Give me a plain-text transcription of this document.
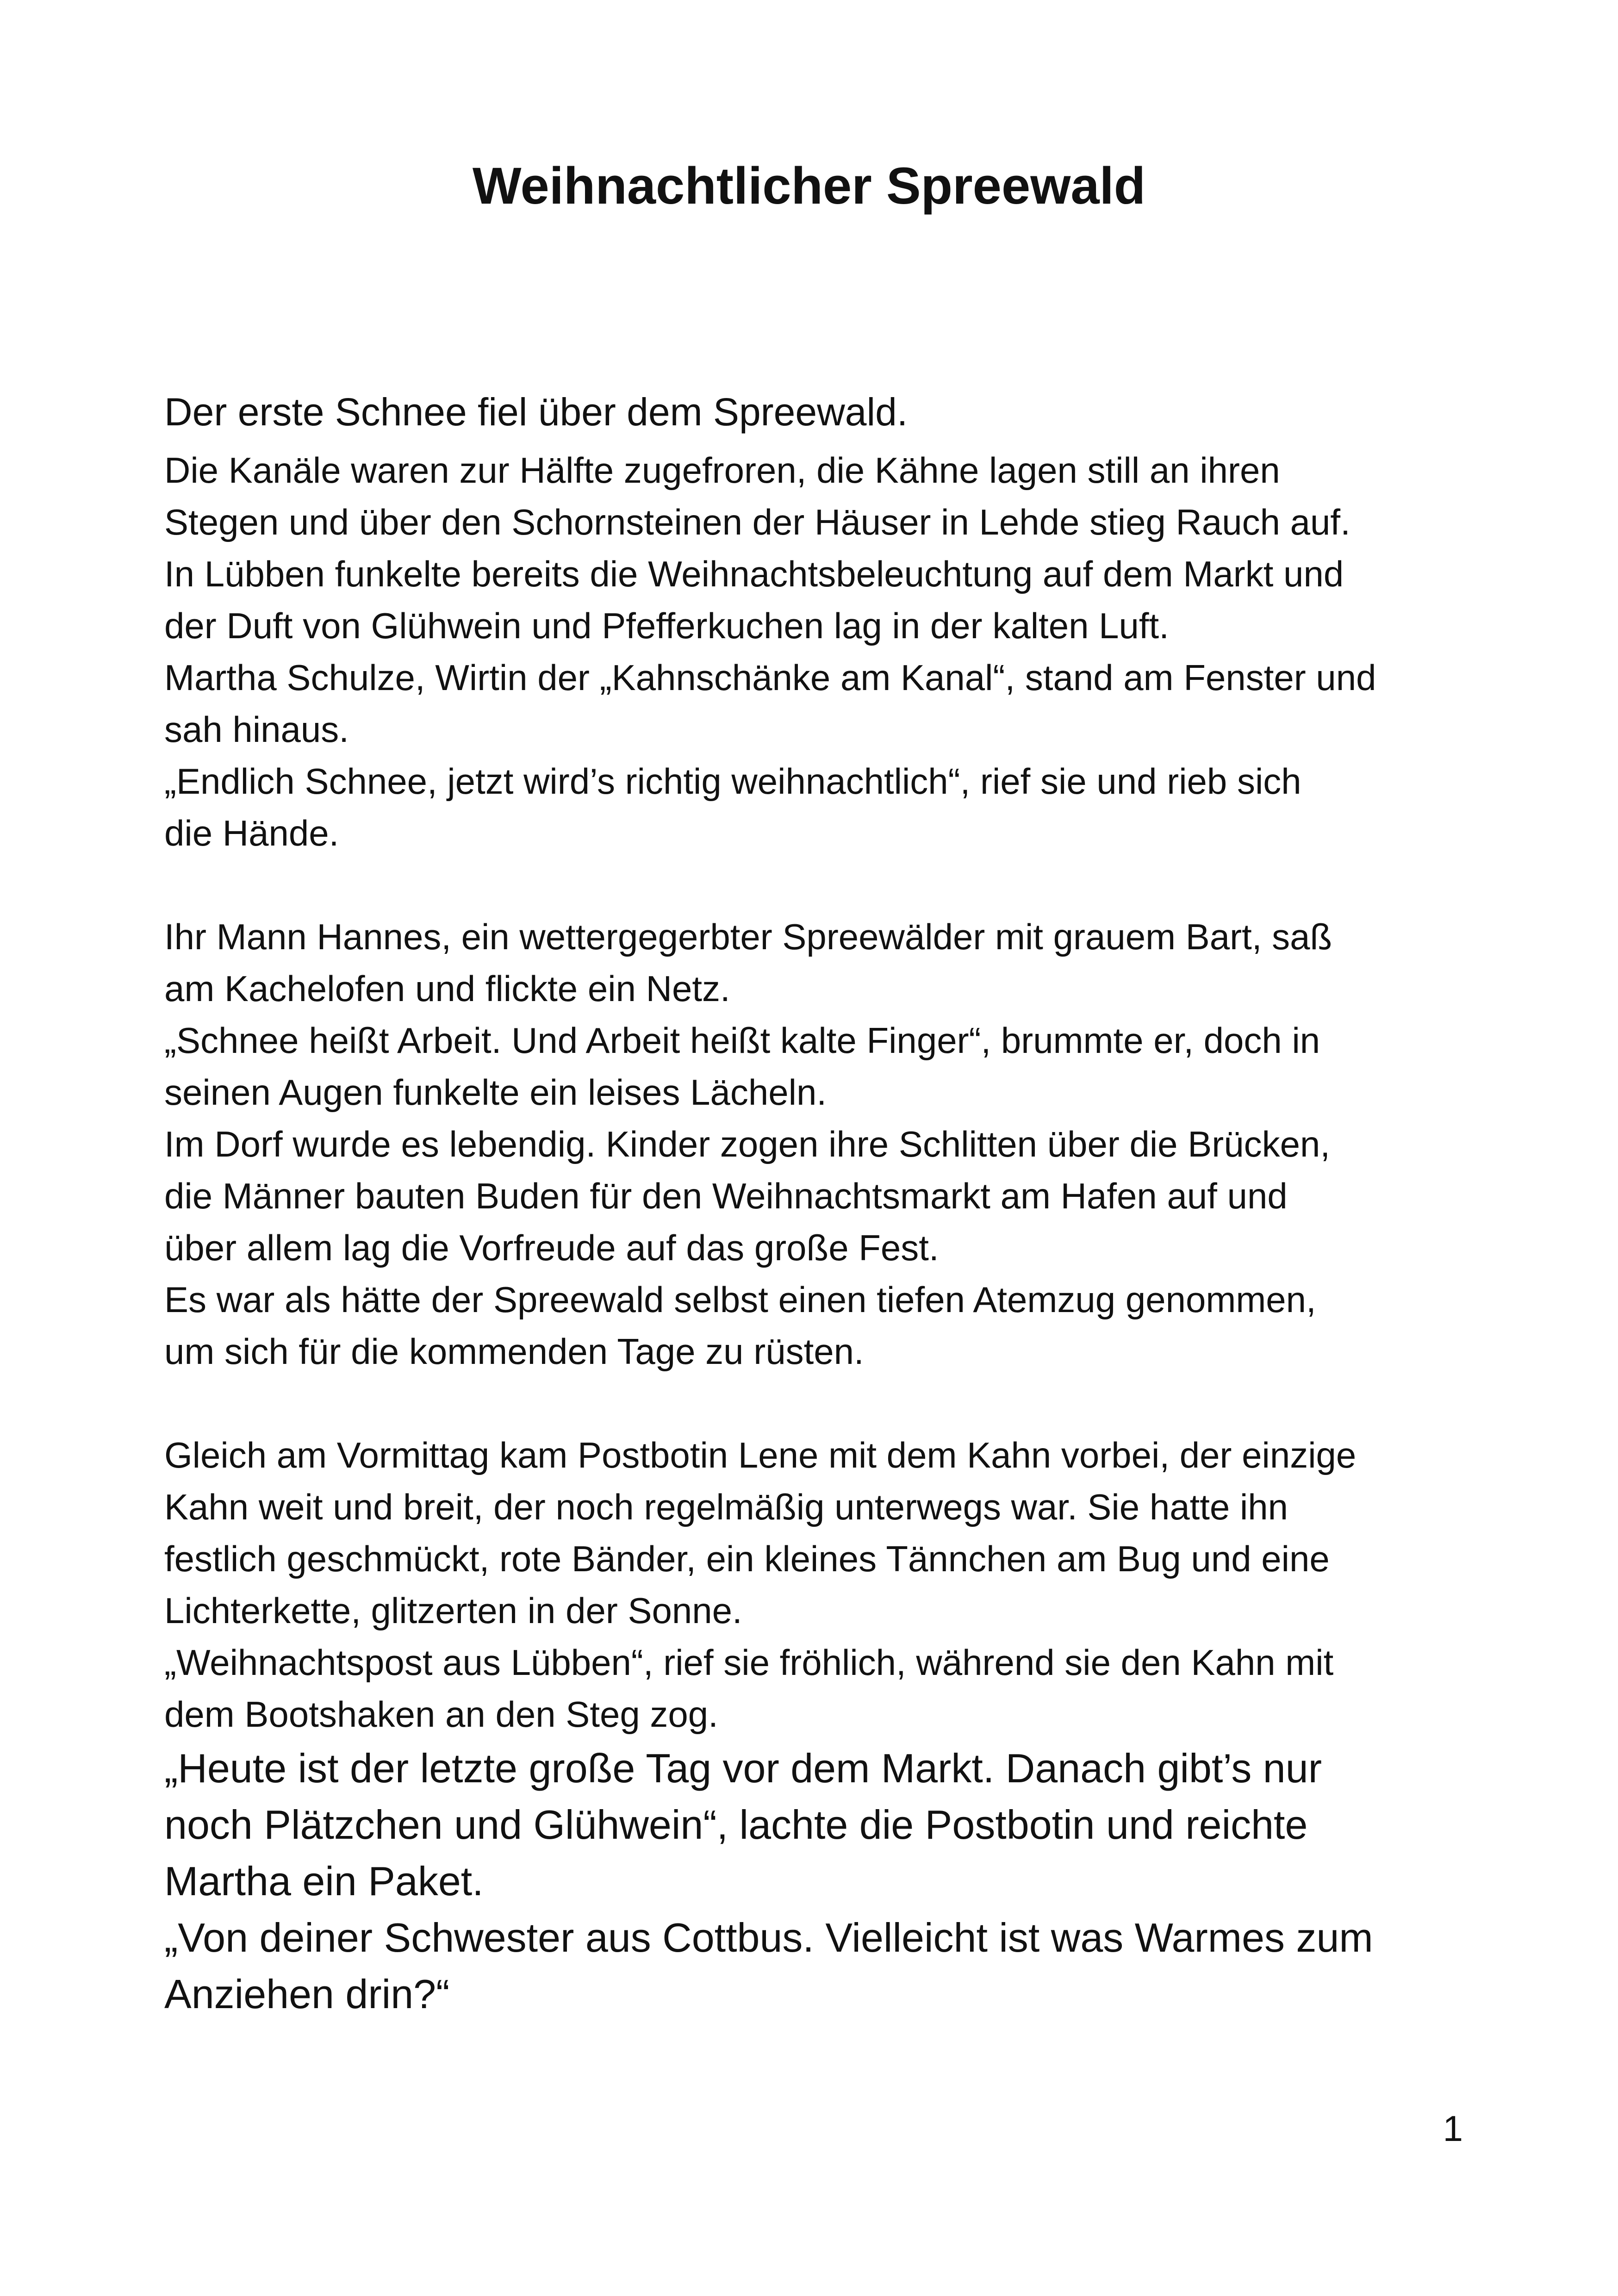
Weihnachtlicher Spreewald
Der erste Schnee fiel über dem Spreewald.
Die Kanäle waren zur Hälfte zugefroren, die Kähne lagen still an ihren
Stegen und über den Schornsteinen der Häuser in Lehde stieg Rauch auf.
In Lübben funkelte bereits die Weihnachtsbeleuchtung auf dem Markt und
der Duft von Glühwein und Pfefferkuchen lag in der kalten Luft.
Martha Schulze, Wirtin der „Kahnschänke am Kanal“, stand am Fenster und
sah hinaus.
„Endlich Schnee, jetzt wird’s richtig weihnachtlich“, rief sie und rieb sich
die Hände.
Ihr Mann Hannes, ein wettergegerbter Spreewälder mit grauem Bart, saß
am Kachelofen und flickte ein Netz.
„Schnee heißt Arbeit. Und Arbeit heißt kalte Finger“, brummte er, doch in
seinen Augen funkelte ein leises Lächeln.
Im Dorf wurde es lebendig. Kinder zogen ihre Schlitten über die Brücken,
die Männer bauten Buden für den Weihnachtsmarkt am Hafen auf und
über allem lag die Vorfreude auf das große Fest.
Es war als hätte der Spreewald selbst einen tiefen Atemzug genommen,
um sich für die kommenden Tage zu rüsten.
Gleich am Vormittag kam Postbotin Lene mit dem Kahn vorbei, der einzige
Kahn weit und breit, der noch regelmäßig unterwegs war. Sie hatte ihn
festlich geschmückt, rote Bänder, ein kleines Tännchen am Bug und eine
Lichterkette, glitzerten in der Sonne.
„Weihnachtspost aus Lübben“, rief sie fröhlich, während sie den Kahn mit
dem Bootshaken an den Steg zog.
„Heute ist der letzte große Tag vor dem Markt. Danach gibt’s nur
noch Plätzchen und Glühwein“, lachte die Postbotin und reichte
Martha ein Paket.
„Von deiner Schwester aus Cottbus. Vielleicht ist was Warmes zum
Anziehen drin?“
1
